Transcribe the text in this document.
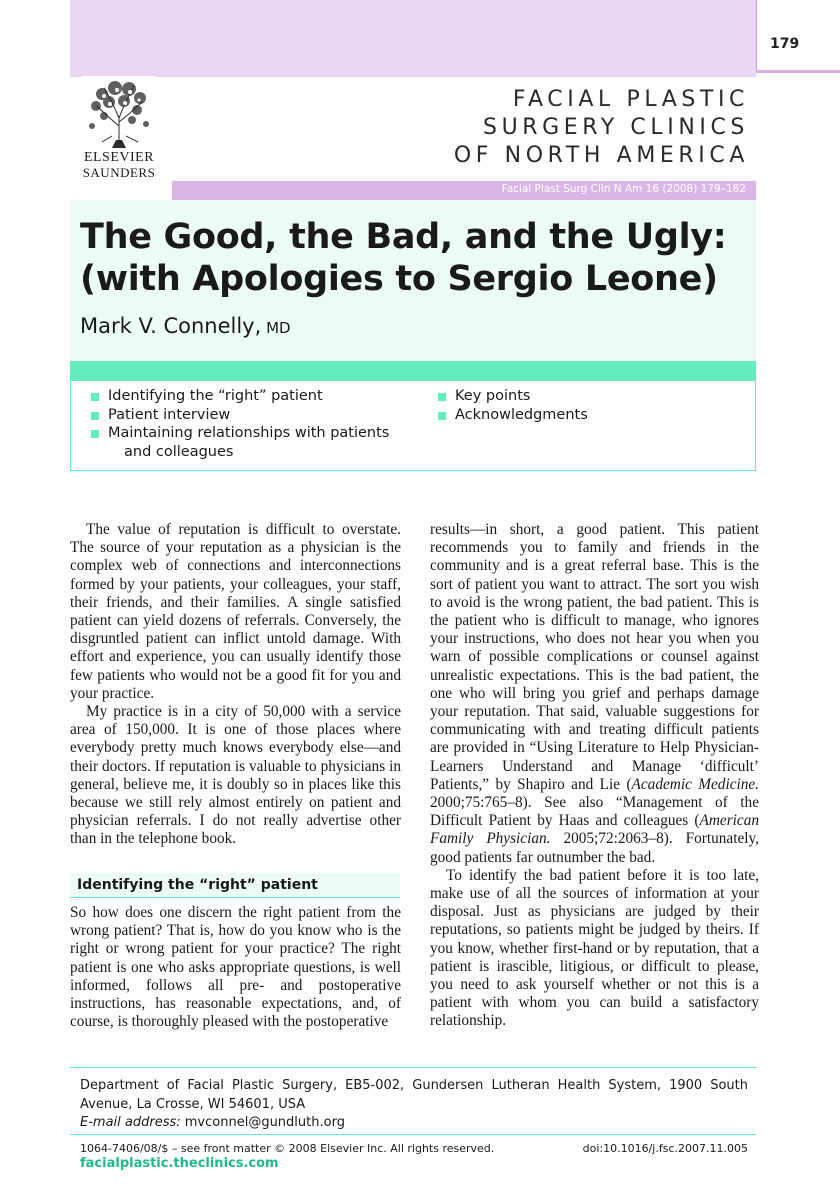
179
ELSEVIER
SAUNDERS
FACIAL PLASTIC
SURGERY CLINICS
OF NORTH AMERICA
Facial Plast Surg Clin N Am 16 (2008) 179–182
The Good, the Bad, and the Ugly:
(with Apologies to Sergio Leone)
Mark V. Connelly, MD
Identifying the “right” patient
Patient interview
Maintaining relationships with patients
and colleagues
Key points
Acknowledgments

The value of reputation is difficult to overstate. The source of your reputation as a physician is the complex web of connections and interconnections formed by your patients, your colleagues, your staff, their friends, and their families. A single satisfied patient can yield dozens of referrals. Conversely, the disgruntled patient can inflict untold damage. With effort and experience, you can usually identify those few patients who would not be a good fit for you and your practice.

My practice is in a city of 50,000 with a service area of 150,000. It is one of those places where everybody pretty much knows everybody else—and their doctors. If reputation is valuable to physicians in general, believe me, it is doubly so in places like this because we still rely almost entirely on patient and physician referrals. I do not really advertise other than in the telephone book.

Identifying the “right” patient

So how does one discern the right patient from the wrong patient? That is, how do you know who is the right or wrong patient for your practice? The right patient is one who asks appropriate questions, is well informed, follows all pre- and postoperative instructions, has reasonable expectations, and, of course, is thoroughly pleased with the postoperative

results—in short, a good patient. This patient recommends you to family and friends in the community and is a great referral base. This is the sort of patient you want to attract. The sort you wish to avoid is the wrong patient, the bad patient. This is the patient who is difficult to manage, who ignores your instructions, who does not hear you when you warn of possible complications or counsel against unrealistic expectations. This is the bad patient, the one who will bring you grief and perhaps damage your reputation. That said, valuable suggestions for communicating with and treating difficult patients are provided in “Using Literature to Help Physician-Learners Understand and Manage ‘difficult’ Patients,” by Shapiro and Lie (Academic Medicine. 2000;75:765–8). See also “Management of the Difficult Patient by Haas and colleagues (American Family Physician. 2005;72:2063–8). Fortunately, good patients far outnumber the bad.

To identify the bad patient before it is too late, make use of all the sources of information at your disposal. Just as physicians are judged by their reputations, so patients might be judged by theirs. If you know, whether first-hand or by reputation, that a patient is irascible, litigious, or difficult to please, you need to ask yourself whether or not this is a patient with whom you can build a satisfactory relationship.

Department of Facial Plastic Surgery, EB5-002, Gundersen Lutheran Health System, 1900 South Avenue, La Crosse, WI 54601, USA
E-mail address: mvconnel@gundluth.org
1064-7406/08/$ – see front matter © 2008 Elsevier Inc. All rights reserved.	doi:10.1016/j.fsc.2007.11.005
facialplastic.theclinics.com
